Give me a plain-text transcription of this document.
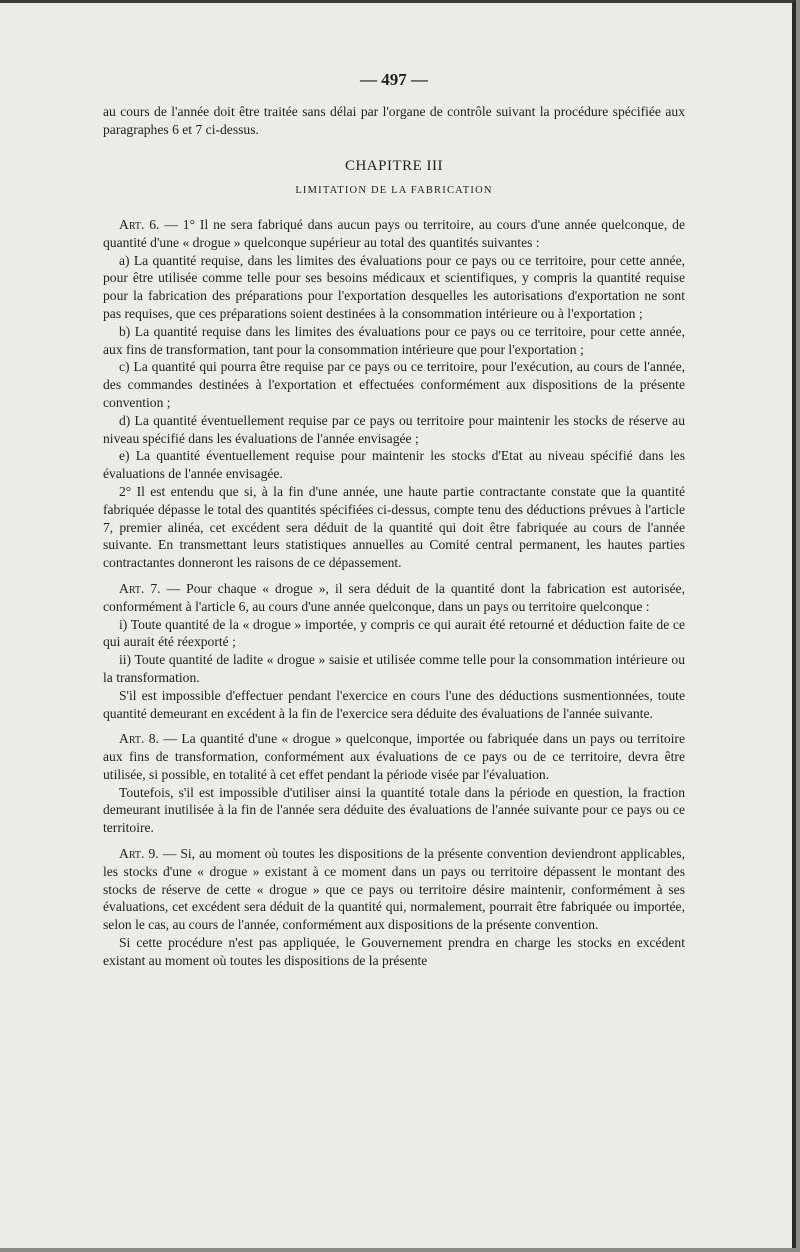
— 497 —

au cours de l'année doit être traitée sans délai par l'organe de contrôle suivant la procédure spécifiée aux paragraphes 6 et 7 ci-dessus.

CHAPITRE III
LIMITATION DE LA FABRICATION

Art. 6. — 1° Il ne sera fabriqué dans aucun pays ou territoire, au cours d'une année quelconque, de quantité d'une « drogue » quelconque supérieur au total des quantités suivantes :

a) La quantité requise, dans les limites des évaluations pour ce pays ou ce territoire, pour cette année, pour être utilisée comme telle pour ses besoins médicaux et scientifiques, y compris la quantité requise pour la fabrication des préparations pour l'exportation desquelles les autorisations d'exportation ne sont pas requises, que ces préparations soient destinées à la consommation intérieure ou à l'exportation ;

b) La quantité requise dans les limites des évaluations pour ce pays ou ce territoire, pour cette année, aux fins de transformation, tant pour la consommation intérieure que pour l'exportation ;

c) La quantité qui pourra être requise par ce pays ou ce territoire, pour l'exécution, au cours de l'année, des commandes destinées à l'exportation et effectuées conformément aux dispositions de la présente convention ;

d) La quantité éventuellement requise par ce pays ou territoire pour maintenir les stocks de réserve au niveau spécifié dans les évaluations de l'année envisagée ;

e) La quantité éventuellement requise pour maintenir les stocks d'Etat au niveau spécifié dans les évaluations de l'année envisagée.

2° Il est entendu que si, à la fin d'une année, une haute partie contractante constate que la quantité fabriquée dépasse le total des quantités spécifiées ci-dessus, compte tenu des déductions prévues à l'article 7, premier alinéa, cet excédent sera déduit de la quantité qui doit être fabriquée au cours de l'année suivante. En transmettant leurs statistiques annuelles au Comité central permanent, les hautes parties contractantes donneront les raisons de ce dépassement.

Art. 7. — Pour chaque « drogue », il sera déduit de la quantité dont la fabrication est autorisée, conformément à l'article 6, au cours d'une année quelconque, dans un pays ou territoire quelconque :

i) Toute quantité de la « drogue » importée, y compris ce qui aurait été retourné et déduction faite de ce qui aurait été réexporté ;

ii) Toute quantité de ladite « drogue » saisie et utilisée comme telle pour la consommation intérieure ou la transformation.

S'il est impossible d'effectuer pendant l'exercice en cours l'une des déductions susmentionnées, toute quantité demeurant en excédent à la fin de l'exercice sera déduite des évaluations de l'année suivante.

Art. 8. — La quantité d'une « drogue » quelconque, importée ou fabriquée dans un pays ou territoire aux fins de transformation, conformément aux évaluations de ce pays ou de ce territoire, devra être utilisée, si possible, en totalité à cet effet pendant la période visée par l'évaluation.

Toutefois, s'il est impossible d'utiliser ainsi la quantité totale dans la période en question, la fraction demeurant inutilisée à la fin de l'année sera déduite des évaluations de l'année suivante pour ce pays ou ce territoire.

Art. 9. — Si, au moment où toutes les dispositions de la présente convention deviendront applicables, les stocks d'une « drogue » existant à ce moment dans un pays ou territoire dépassent le montant des stocks de réserve de cette « drogue » que ce pays ou territoire désire maintenir, conformément à ses évaluations, cet excédent sera déduit de la quantité qui, normalement, pourrait être fabriquée ou importée, selon le cas, au cours de l'année, conformément aux dispositions de la présente convention.

Si cette procédure n'est pas appliquée, le Gouvernement prendra en charge les stocks en excédent existant au moment où toutes les dispositions de la présente
